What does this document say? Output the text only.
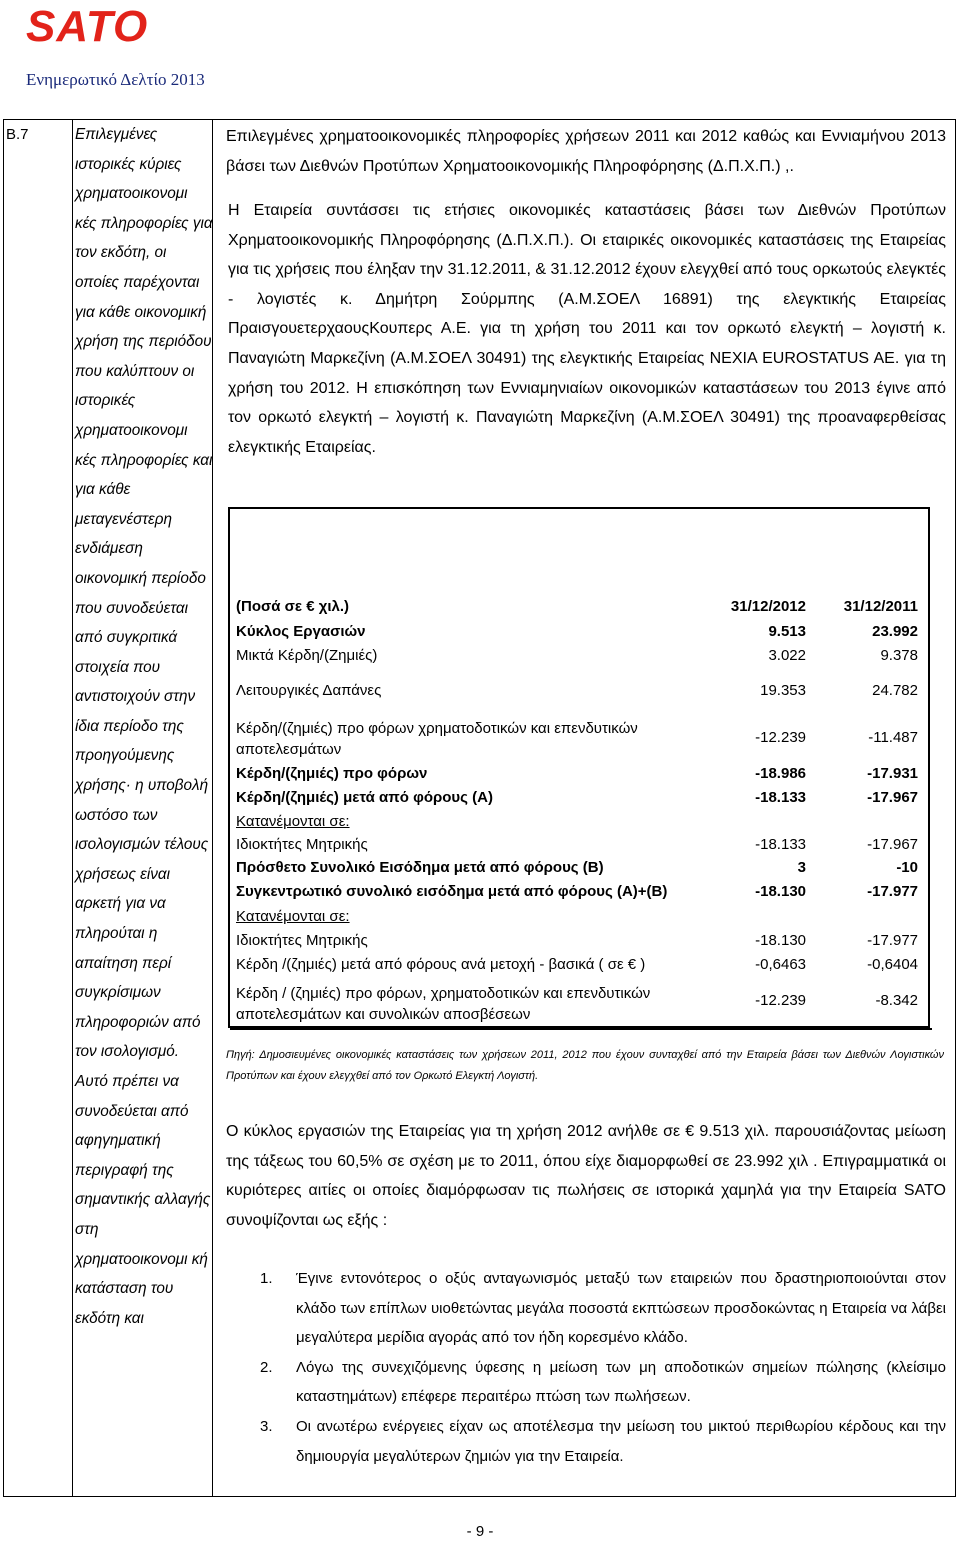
SATO
Ενημερωτικό Δελτίο 2013
B.7	Επιλεγμένες ιστορικές κύριες χρηματοοικονομι κές πληροφορίες για τον εκδότη, οι οποίες παρέχονται για κάθε οικονομική χρήση της περιόδου που καλύπτουν οι ιστορικές χρηματοοικονομι κές πληροφορίες και για κάθε μεταγενέστερη ενδιάμεση οικονομική περίοδο που συνοδεύεται από συγκριτικά στοιχεία που αντιστοιχούν στην ίδια περίοδο της προηγούμενης χρήσης· η υποβολή ωστόσο των ισολογισμών τέλους χρήσεως είναι αρκετή για να πληρούται η απαίτηση περί συγκρίσιμων πληροφοριών από τον ισολογισμό. Αυτό πρέπει να συνοδεύεται από αφηγηματική περιγραφή της σημαντικής αλλαγής στη χρηματοοικονομι κή κατάσταση του εκδότη και

Επιλεγμένες χρηματοοικονομικές πληροφορίες χρήσεων 2011 και 2012 καθώς και Εννιαμήνου 2013 βάσει των Διεθνών Προτύπων Χρηματοοικονομικής Πληροφόρησης (Δ.Π.Χ.Π.) ,.

Η Εταιρεία συντάσσει τις ετήσιες οικονομικές καταστάσεις βάσει των Διεθνών Προτύπων Χρηματοοικονομικής Πληροφόρησης (Δ.Π.Χ.Π.). Οι εταιρικές οικονομικές καταστάσεις της Εταιρείας για τις χρήσεις που έληξαν την 31.12.2011, & 31.12.2012 έχουν ελεγχθεί από τους ορκωτούς ελεγκτές - λογιστές κ. Δημήτρη Σούρμπης (Α.Μ.ΣΟΕΛ 16891) της ελεγκτικής Εταιρείας ΠραισγουετερχαουςΚουπερς Α.Ε. για τη χρήση του 2011 και τον ορκωτό ελεγκτή – λογιστή κ. Παναγιώτη Μαρκεζίνη (Α.Μ.ΣΟΕΛ 30491) της ελεγκτικής Εταιρείας NEXIA EUROSTATUS AE. για τη χρήση του 2012. Η επισκόπηση των Εννιαμηνιαίων οικονομικών καταστάσεων του 2013 έγινε από τον ορκωτό ελεγκτή – λογιστή κ. Παναγιώτη Μαρκεζίνη (Α.Μ.ΣΟΕΛ 30491) της προαναφερθείσας ελεγκτικής Εταιρείας.

(Ποσά σε € χιλ.)	31/12/2012	31/12/2011
Κύκλος Εργασιών	9.513	23.992
Μικτά Κέρδη/(Ζημιές)	3.022	9.378
Λειτουργικές Δαπάνες	19.353	24.782
Κέρδη/(ζημιές) προ φόρων χρηματοδοτικών και επενδυτικών αποτελεσμάτων
-12.239	-11.487
Κέρδη/(ζημιές) προ φόρων	-18.986	-17.931
Κέρδη/(ζημιές) μετά από φόρους (Α)	-18.133	-17.967
Κατανέμονται σε:
Ιδιοκτήτες Μητρικής	-18.133	-17.967
Πρόσθετο Συνολικό Εισόδημα μετά από φόρους (Β)	3	-10
Συγκεντρωτικό συνολικό εισόδημα μετά από φόρους (Α)+(Β)	-18.130	-17.977
Κατανέμονται σε:
Ιδιοκτήτες Μητρικής	-18.130	-17.977
Κέρδη /(ζημιές) μετά από φόρους ανά μετοχή - βασικά ( σε € )	-0,6463	-0,6404
Κέρδη / (ζημιές) προ φόρων, χρηματοδοτικών και επενδυτικών αποτελεσμάτων και συνολικών αποσβέσεων
-12.239	-8.342
Πηγή: Δημοσιευμένες οικονομικές καταστάσεις των χρήσεων 2011, 2012 που έχουν συνταχθεί από την Εταιρεία βάσει των Διεθνών Λογιστικών Προτύπων και έχουν ελεγχθεί από τον Ορκωτό Ελεγκτή Λογιστή.

Ο κύκλος εργασιών της Εταιρείας για τη χρήση 2012 ανήλθε σε € 9.513 χιλ. παρουσιάζοντας μείωση της τάξεως του 60,5% σε σχέση με το 2011, όπου είχε διαμορφωθεί σε 23.992 χιλ . Επιγραμματικά οι κυριότερες αιτίες οι οποίες διαμόρφωσαν τις πωλήσεις σε ιστορικά χαμηλά για την Εταιρεία SATO συνοψίζονται ως εξής :

1. Έγινε εντονότερος ο οξύς ανταγωνισμός μεταξύ των εταιρειών που δραστηριοποιούνται στον κλάδο των επίπλων υιοθετώντας μεγάλα ποσοστά εκπτώσεων προσδοκώντας η Εταιρεία να λάβει μεγαλύτερα μερίδια αγοράς από τον ήδη κορεσμένο κλάδο.
2. Λόγω της συνεχιζόμενης ύφεσης η μείωση των μη αποδοτικών σημείων πώλησης (κλείσιμο καταστημάτων) επέφερε περαιτέρω πτώση των πωλήσεων.
3. Οι ανωτέρω ενέργειες είχαν ως αποτέλεσμα την μείωση του μικτού περιθωρίου κέρδους και την δημιουργία μεγαλύτερων ζημιών για την Εταιρεία.
- 9 -
